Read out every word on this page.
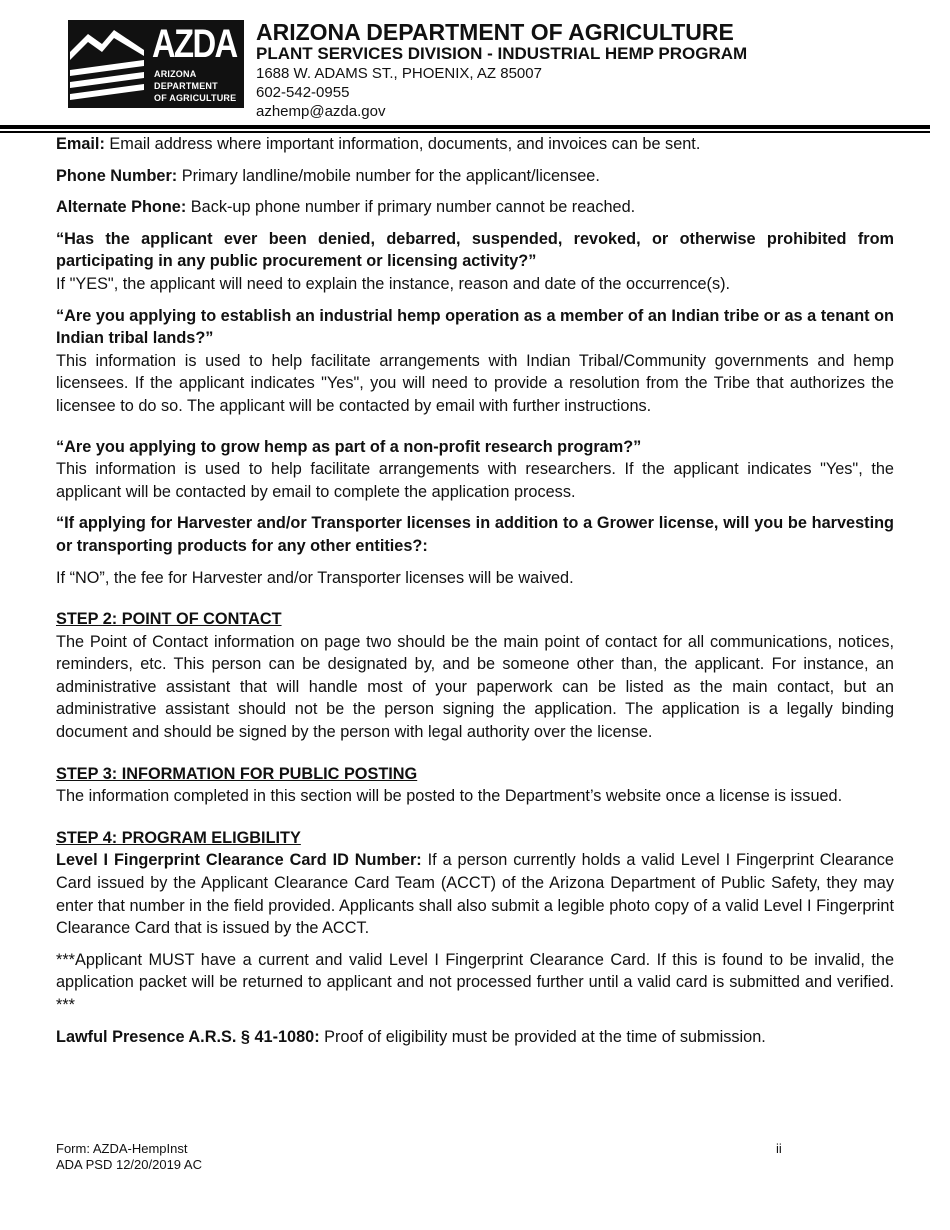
AZDA
ARIZONA
DEPARTMENT
OF AGRICULTURE
ARIZONA DEPARTMENT OF AGRICULTURE
PLANT SERVICES DIVISION - INDUSTRIAL HEMP PROGRAM
1688 W. ADAMS ST., PHOENIX, AZ 85007
602-542-0955
azhemp@azda.gov

Email: Email address where important information, documents, and invoices can be sent.

Phone Number: Primary landline/mobile number for the applicant/licensee.

Alternate Phone: Back-up phone number if primary number cannot be reached.

“Has the applicant ever been denied, debarred, suspended, revoked, or otherwise prohibited from participating in any public procurement or licensing activity?”

If "YES", the applicant will need to explain the instance, reason and date of the occurrence(s).

“Are you applying to establish an industrial hemp operation as a member of an Indian tribe or as a tenant on Indian tribal lands?”

This information is used to help facilitate arrangements with Indian Tribal/Community governments and hemp licensees. If the applicant indicates "Yes", you will need to provide a resolution from the Tribe that authorizes the licensee to do so. The applicant will be contacted by email with further instructions.

“Are you applying to grow hemp as part of a non-profit research program?”

This information is used to help facilitate arrangements with researchers. If the applicant indicates "Yes", the applicant will be contacted by email to complete the application process.

“If applying for Harvester and/or Transporter licenses in addition to a Grower license, will you be harvesting or transporting products for any other entities?:

If “NO”, the fee for Harvester and/or Transporter licenses will be waived.

STEP 2: POINT OF CONTACT

The Point of Contact information on page two should be the main point of contact for all communications, notices, reminders, etc. This person can be designated by, and be someone other than, the applicant. For instance, an administrative assistant that will handle most of your paperwork can be listed as the main contact, but an administrative assistant should not be the person signing the application. The application is a legally binding document and should be signed by the person with legal authority over the license.

STEP 3: INFORMATION FOR PUBLIC POSTING

The information completed in this section will be posted to the Department’s website once a license is issued.

STEP 4: PROGRAM ELIGBILITY

Level I Fingerprint Clearance Card ID Number: If a person currently holds a valid Level I Fingerprint Clearance Card issued by the Applicant Clearance Card Team (ACCT) of the Arizona Department of Public Safety, they may enter that number in the field provided. Applicants shall also submit a legible photo copy of a valid Level I Fingerprint Clearance Card that is issued by the ACCT.

***Applicant MUST have a current and valid Level I Fingerprint Clearance Card. If this is found to be invalid, the application packet will be returned to applicant and not processed further until a valid card is submitted and verified. ***

Lawful Presence A.R.S. § 41-1080: Proof of eligibility must be provided at the time of submission.

Form: AZDA-HempInst
ADA PSD 12/20/2019 AC
ii
